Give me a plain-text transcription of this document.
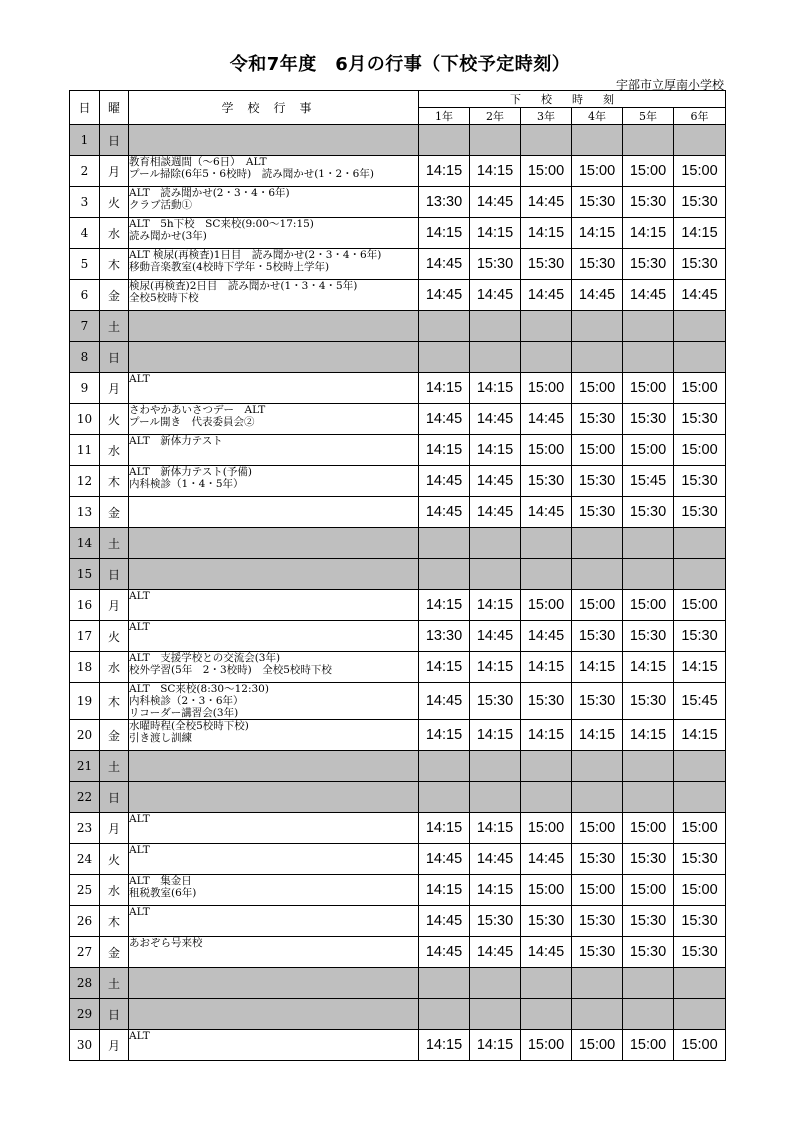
令和7年度　6月の行事（下校予定時刻）
宇部市立厚南小学校
日	曜	学校行事	下校時刻					
			1年	2年	3年	4年	5年	6年
1	日							
2	月	教育相談週間（～6日）　ALT
プール掃除(6年5・6校時)　読み聞かせ(1・2・6年)	14:15	14:15	15:00	15:00	15:00	15:00
3	火	ALT　読み聞かせ(2・3・4・6年)
クラブ活動①	13:30	14:45	14:45	15:30	15:30	15:30
4	水	ALT　5h下校　SC来校(9:00～17:15)
読み聞かせ(3年)	14:15	14:15	14:15	14:15	14:15	14:15
5	木	ALT 検尿(再検査)1日目　読み聞かせ(2・3・4・6年)
移動音楽教室(4校時下学年・5校時上学年)	14:45	15:30	15:30	15:30	15:30	15:30
6	金	検尿(再検査)2日目　読み聞かせ(1・3・4・5年)
全校5校時下校	14:45	14:45	14:45	14:45	14:45	14:45
7	土							
8	日							
9	月	ALT	14:15	14:15	15:00	15:00	15:00	15:00
10	火	さわやかあいさつデー　ALT
プール開き　代表委員会②	14:45	14:45	14:45	15:30	15:30	15:30
11	水	ALT　新体力テスト	14:15	14:15	15:00	15:00	15:00	15:00
12	木	ALT　新体力テスト(予備)
内科検診（1・4・5年）	14:45	14:45	15:30	15:30	15:45	15:30
13	金		14:45	14:45	14:45	15:30	15:30	15:30
14	土							
15	日							
16	月	ALT	14:15	14:15	15:00	15:00	15:00	15:00
17	火	ALT	13:30	14:45	14:45	15:30	15:30	15:30
18	水	ALT　支援学校との交流会(3年)
校外学習(5年　2・3校時)　全校5校時下校	14:15	14:15	14:15	14:15	14:15	14:15
19	木	ALT　SC来校(8:30～12:30)
内科検診（2・3・6年）
リコーダー講習会(3年)	14:45	15:30	15:30	15:30	15:30	15:45
20	金	水曜時程(全校5校時下校)
引き渡し訓練	14:15	14:15	14:15	14:15	14:15	14:15
21	土							
22	日							
23	月	ALT	14:15	14:15	15:00	15:00	15:00	15:00
24	火	ALT	14:45	14:45	14:45	15:30	15:30	15:30
25	水	ALT　集金日
租税教室(6年)	14:15	14:15	15:00	15:00	15:00	15:00
26	木	ALT	14:45	15:30	15:30	15:30	15:30	15:30
27	金	あおぞら号来校	14:45	14:45	14:45	15:30	15:30	15:30
28	土							
29	日							
30	月	ALT	14:15	14:15	15:00	15:00	15:00	15:00
